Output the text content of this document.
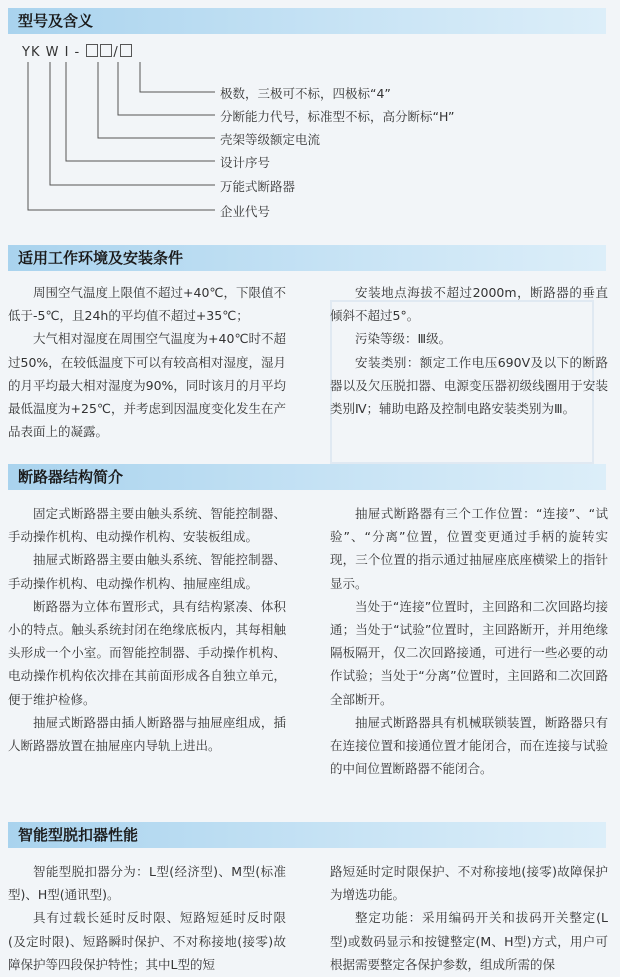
型号及含义
YK W I -	/
极数，三极可不标，四极标“4”
分断能力代号，标准型不标，高分断标“H”
壳架等级额定电流
设计序号
万能式断路器
企业代号
适用工作环境及安装条件

周围空气温度上限值不超过+40℃，下限值不低于-5℃，且24h的平均值不超过+35℃；

大气相对湿度在周围空气温度为+40℃时不超过50%，在较低温度下可以有较高相对湿度，湿月的月平均最大相对湿度为90%，同时该月的月平均最低温度为+25℃，并考虑到因温度变化发生在产品表面上的凝露。

安装地点海拔不超过2000m，断路器的垂直倾斜不超过5°。

污染等级：Ⅲ级。

安装类别：额定工作电压690V及以下的断路器以及欠压脱扣器、电源变压器初级线圈用于安装类别Ⅳ；辅助电路及控制电路安装类别为Ⅲ。

断路器结构简介

固定式断路器主要由触头系统、智能控制器、手动操作机构、电动操作机构、安装板组成。

抽屉式断路器主要由触头系统、智能控制器、手动操作机构、电动操作机构、抽屉座组成。

断路器为立体布置形式，具有结构紧凑、体积小的特点。触头系统封闭在绝缘底板内，其每相触头形成一个小室。而智能控制器、手动操作机构、电动操作机构依次排在其前面形成各自独立单元，便于维护检修。

抽屉式断路器由插人断路器与抽屉座组成，插人断路器放置在抽屉座内导轨上进出。

抽屉式断路器有三个工作位置：“连接”、“试验”、“分离”位置，位置变更通过手柄的旋转实现，三个位置的指示通过抽屉座底座横梁上的指针显示。

当处于“连接”位置时，主回路和二次回路均接通；当处于“试验”位置时，主回路断开，并用绝缘隔板隔开，仅二次回路接通，可进行一些必要的动作试验；当处于“分离”位置时，主回路和二次回路全部断开。

抽屉式断路器具有机械联锁装置，断路器只有在连接位置和接通位置才能闭合，而在连接与试验的中间位置断路器不能闭合。

智能型脱扣器性能

智能型脱扣器分为：L型(经济型)、M型(标准型)、H型(通讯型)。

具有过载长延时反时限、短路短延时反时限(及定时限)、短路瞬时保护、不对称接地(接零)故障保护等四段保护特性；其中L型的短

路短延时定时限保护、不对称接地(接零)故障保护为增选功能。

整定功能：采用编码开关和拔码开关整定(L型)或数码显示和按键整定(M、H型)方式，用户可根据需要整定各保护参数，组成所需的保
